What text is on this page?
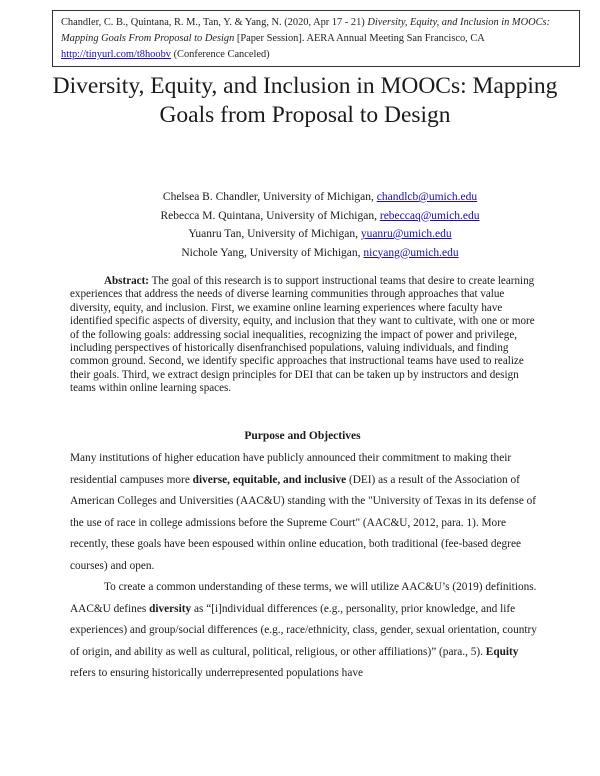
Chandler, C. B., Quintana, R. M., Tan, Y. & Yang, N. (2020, Apr 17 - 21) Diversity, Equity, and Inclusion in MOOCs: Mapping Goals From Proposal to Design [Paper Session]. AERA Annual Meeting San Francisco, CA http://tinyurl.com/t8hoobv (Conference Canceled)
Diversity, Equity, and Inclusion in MOOCs: Mapping Goals from Proposal to Design
Chelsea B. Chandler, University of Michigan, chandlcb@umich.edu
Rebecca M. Quintana, University of Michigan, rebeccaq@umich.edu
Yuanru Tan, University of Michigan, yuanru@umich.edu
Nichole Yang, University of Michigan, nicyang@umich.edu
Abstract: The goal of this research is to support instructional teams that desire to create learning experiences that address the needs of diverse learning communities through approaches that value diversity, equity, and inclusion. First, we examine online learning experiences where faculty have identified specific aspects of diversity, equity, and inclusion that they want to cultivate, with one or more of the following goals: addressing social inequalities, recognizing the impact of power and privilege, including perspectives of historically disenfranchised populations, valuing individuals, and finding common ground. Second, we identify specific approaches that instructional teams have used to realize their goals. Third, we extract design principles for DEI that can be taken up by instructors and design teams within online learning spaces.
Purpose and Objectives
Many institutions of higher education have publicly announced their commitment to making their residential campuses more diverse, equitable, and inclusive (DEI) as a result of the Association of American Colleges and Universities (AAC&U) standing with the "University of Texas in its defense of the use of race in college admissions before the Supreme Court" (AAC&U, 2012, para. 1). More recently, these goals have been espoused within online education, both traditional (fee-based degree courses) and open.
To create a common understanding of these terms, we will utilize AAC&U’s (2019) definitions. AAC&U defines diversity as “[i]ndividual differences (e.g., personality, prior knowledge, and life experiences) and group/social differences (e.g., race/ethnicity, class, gender, sexual orientation, country of origin, and ability as well as cultural, political, religious, or other affiliations)” (para., 5). Equity refers to ensuring historically underrepresented populations have
